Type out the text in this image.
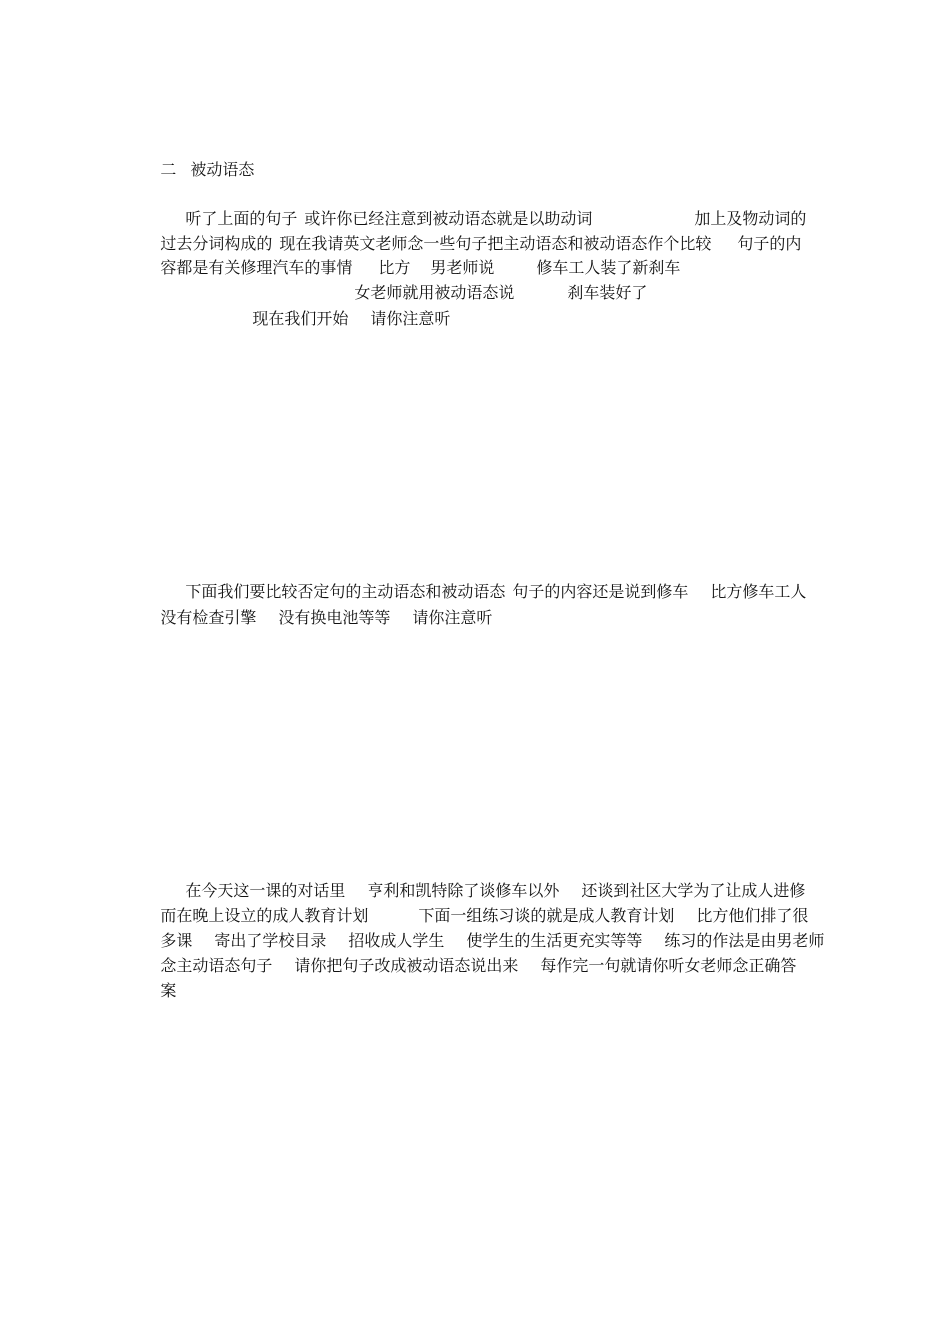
二 被动语态

听了上面的句子 或许你已经注意到被动语态就是以助动词	加上及物动词的

过去分词构成的 现在我请英文老师念一些句子把主动语态和被动语态作个比较 句子的内

容都是有关修理汽车的事情 比方 男老师说	修车工人装了新刹车

女老师就用被动语态说	刹车装好了

现在我们开始 请你注意听

下面我们要比较否定句的主动语态和被动语态 句子的内容还是说到修车 比方修车工人

没有检查引擎 没有换电池等等 请你注意听

在今天这一课的对话里 亨利和凯特除了谈修车以外 还谈到社区大学为了让成人进修

而在晚上设立的成人教育计划	下面一组练习谈的就是成人教育计划 比方他们排了很

多课 寄出了学校目录 招收成人学生 使学生的生活更充实等等 练习的作法是由男老师

念主动语态句子 请你把句子改成被动语态说出来 每作完一句就请你听女老师念正确答

案
